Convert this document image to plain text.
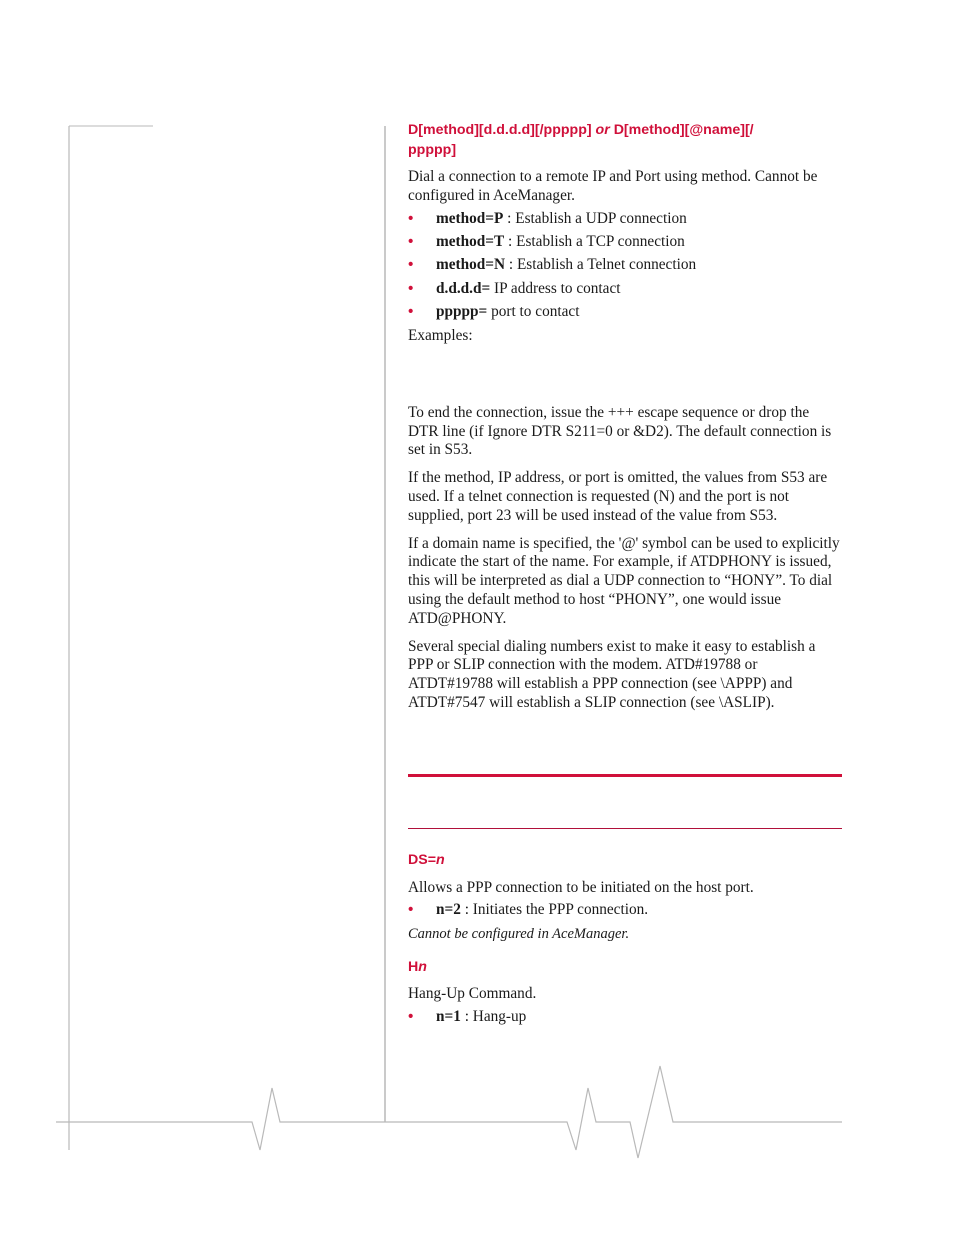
D[method][d.d.d.d][/ppppp] or D[method][@name][/
ppppp]

Dial a connection to a remote IP and Port using method. Cannot be configured in AceManager.

• method=P : Establish a UDP connection
• method=T : Establish a TCP connection
• method=N : Establish a Telnet connection
• d.d.d.d= IP address to contact
• ppppp= port to contact

Examples:

To end the connection, issue the +++ escape sequence or drop the DTR line (if Ignore DTR S211=0 or &D2). The default connection is set in S53.

If the method, IP address, or port is omitted, the values from S53 are used. If a telnet connection is requested (N) and the port is not supplied, port 23 will be used instead of the value from S53.

If a domain name is specified, the '@' symbol can be used to explicitly indicate the start of the name. For example, if ATDPHONY is issued, this will be interpreted as dial a UDP connection to “HONY”. To dial using the default method to host “PHONY”, one would issue ATD@PHONY.

Several special dialing numbers exist to make it easy to establish a PPP or SLIP connection with the modem. ATD#19788 or ATDT#19788 will establish a PPP connection (see \APPP) and ATDT#7547 will establish a SLIP connection (see \ASLIP).

DS=n

Allows a PPP connection to be initiated on the host port.

• n=2 : Initiates the PPP connection.

Cannot be configured in AceManager.

Hn

Hang-Up Command.

• n=1 : Hang-up
